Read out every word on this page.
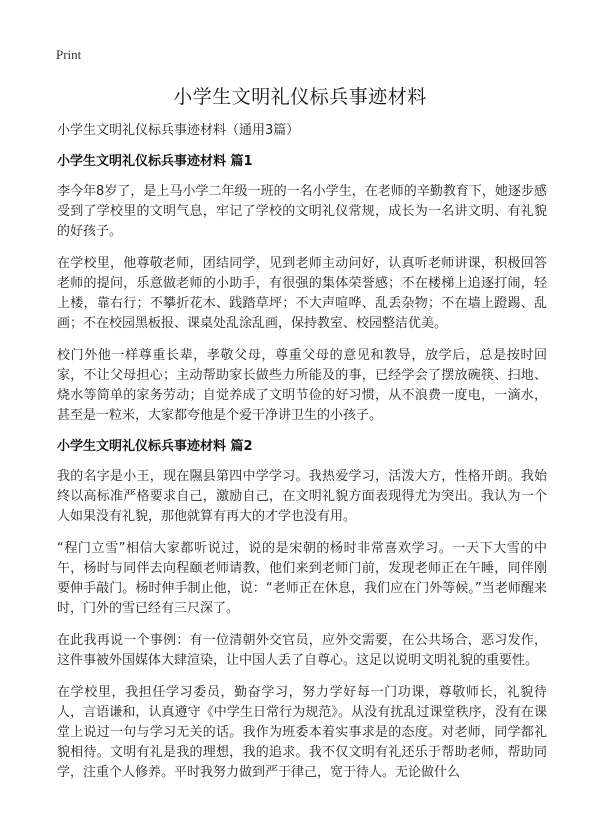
Print
小学生文明礼仪标兵事迹材料

小学生文明礼仪标兵事迹材料（通用3篇）

小学生文明礼仪标兵事迹材料 篇1

李今年8岁了，是上马小学二年级一班的一名小学生，在老师的辛勤教育下，她逐步感受到了学校里的文明气息，牢记了学校的文明礼仪常规，成长为一名讲文明、有礼貌的好孩子。

在学校里，他尊敬老师，团结同学，见到老师主动问好，认真听老师讲课，积极回答老师的提问，乐意做老师的小助手，有很强的集体荣誉感；不在楼梯上追逐打闹，轻上楼，靠右行；不攀折花木、践踏草坪；不大声喧哗、乱丢杂物；不在墙上蹬踢、乱画；不在校园黑板报、课桌处乱涂乱画，保持教室、校园整洁优美。

校门外他一样尊重长辈，孝敬父母，尊重父母的意见和教导，放学后，总是按时回家，不让父母担心；主动帮助家长做些力所能及的事，已经学会了摆放碗筷、扫地、烧水等简单的家务劳动；自觉养成了文明节俭的好习惯，从不浪费一度电，一滴水，甚至是一粒米，大家都夸他是个爱干净讲卫生的小孩子。

小学生文明礼仪标兵事迹材料 篇2

我的名字是小王，现在隰县第四中学学习。我热爱学习，活泼大方，性格开朗。我始终以高标准严格要求自己，激励自己，在文明礼貌方面表现得尤为突出。我认为一个人如果没有礼貌，那他就算有再大的才学也没有用。

“程门立雪”相信大家都听说过，说的是宋朝的杨时非常喜欢学习。一天下大雪的中午，杨时与同伴去向程颐老师请教，他们来到老师门前，发现老师正在午睡，同伴刚要伸手敲门。杨时伸手制止他，说：“老师正在休息，我们应在门外等候。”当老师醒来时，门外的雪已经有三尺深了。

在此我再说一个事例：有一位清朝外交官员，应外交需要，在公共场合，恶习发作，这件事被外国媒体大肆渲染，让中国人丢了自尊心。这足以说明文明礼貌的重要性。

在学校里，我担任学习委员，勤奋学习，努力学好每一门功课，尊敬师长，礼貌待人，言语谦和，认真遵守《中学生日常行为规范》。从没有扰乱过课堂秩序，没有在课堂上说过一句与学习无关的话。我作为班委本着实事求是的态度。对老师，同学都礼貌相待。文明有礼是我的理想，我的追求。我不仅文明有礼还乐于帮助老师，帮助同学，注重个人修养。平时我努力做到严于律己，宽于待人。无论做什么
